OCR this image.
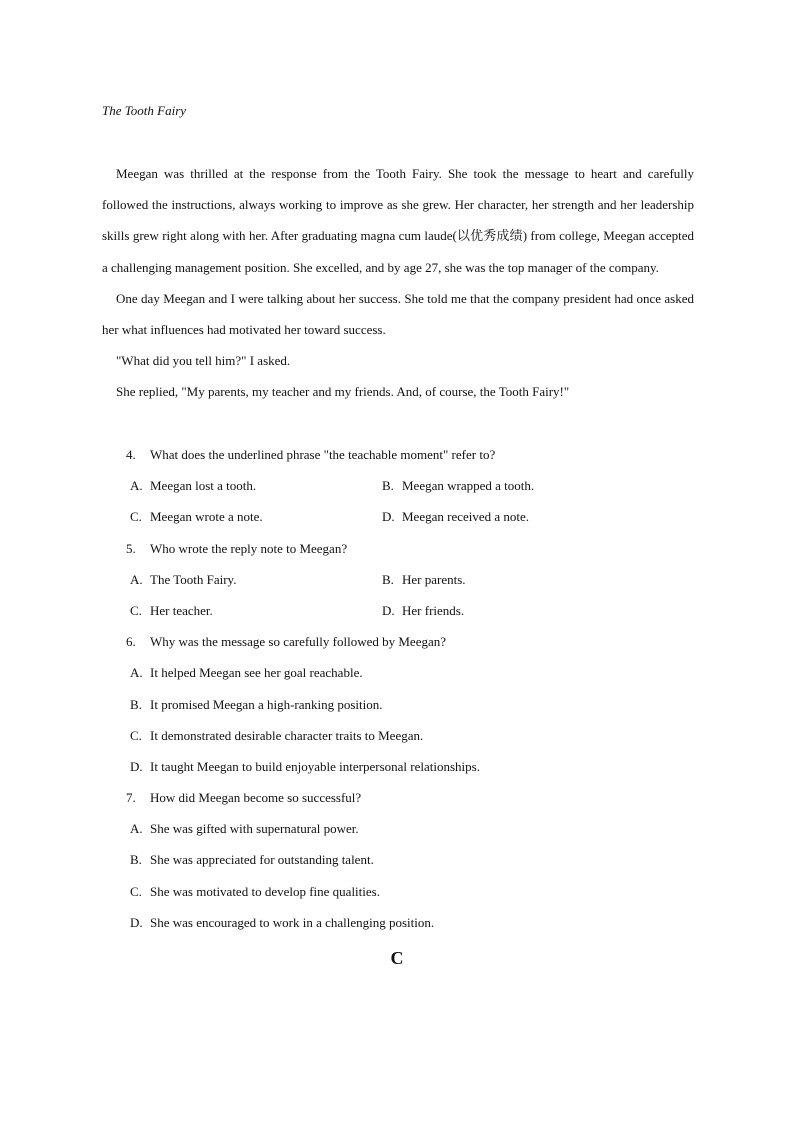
The Tooth Fairy

Meegan was thrilled at the response from the Tooth Fairy. She took the message to heart and carefully followed the instructions, always working to improve as she grew. Her character, her strength and her leadership skills grew right along with her. After graduating magna cum laude(以优秀成绩) from college, Meegan accepted a challenging management position. She excelled, and by age 27, she was the top manager of the company.

One day Meegan and I were talking about her success. She told me that the company president had once asked her what influences had motivated her toward success.

"What did you tell him?" I asked.

She replied, "My parents, my teacher and my friends. And, of course, the Tooth Fairy!"

4. What does the underlined phrase "the teachable moment" refer to?
A. Meegan lost a tooth.	B. Meegan wrapped a tooth.
C. Meegan wrote a note.	D. Meegan received a note.
5. Who wrote the reply note to Meegan?
A. The Tooth Fairy.	B. Her parents.
C. Her teacher.	D. Her friends.
6. Why was the message so carefully followed by Meegan?
A. It helped Meegan see her goal reachable.
B. It promised Meegan a high-ranking position.
C. It demonstrated desirable character traits to Meegan.
D. It taught Meegan to build enjoyable interpersonal relationships.
7. How did Meegan become so successful?
A. She was gifted with supernatural power.
B. She was appreciated for outstanding talent.
C. She was motivated to develop fine qualities.
D. She was encouraged to work in a challenging position.
C
